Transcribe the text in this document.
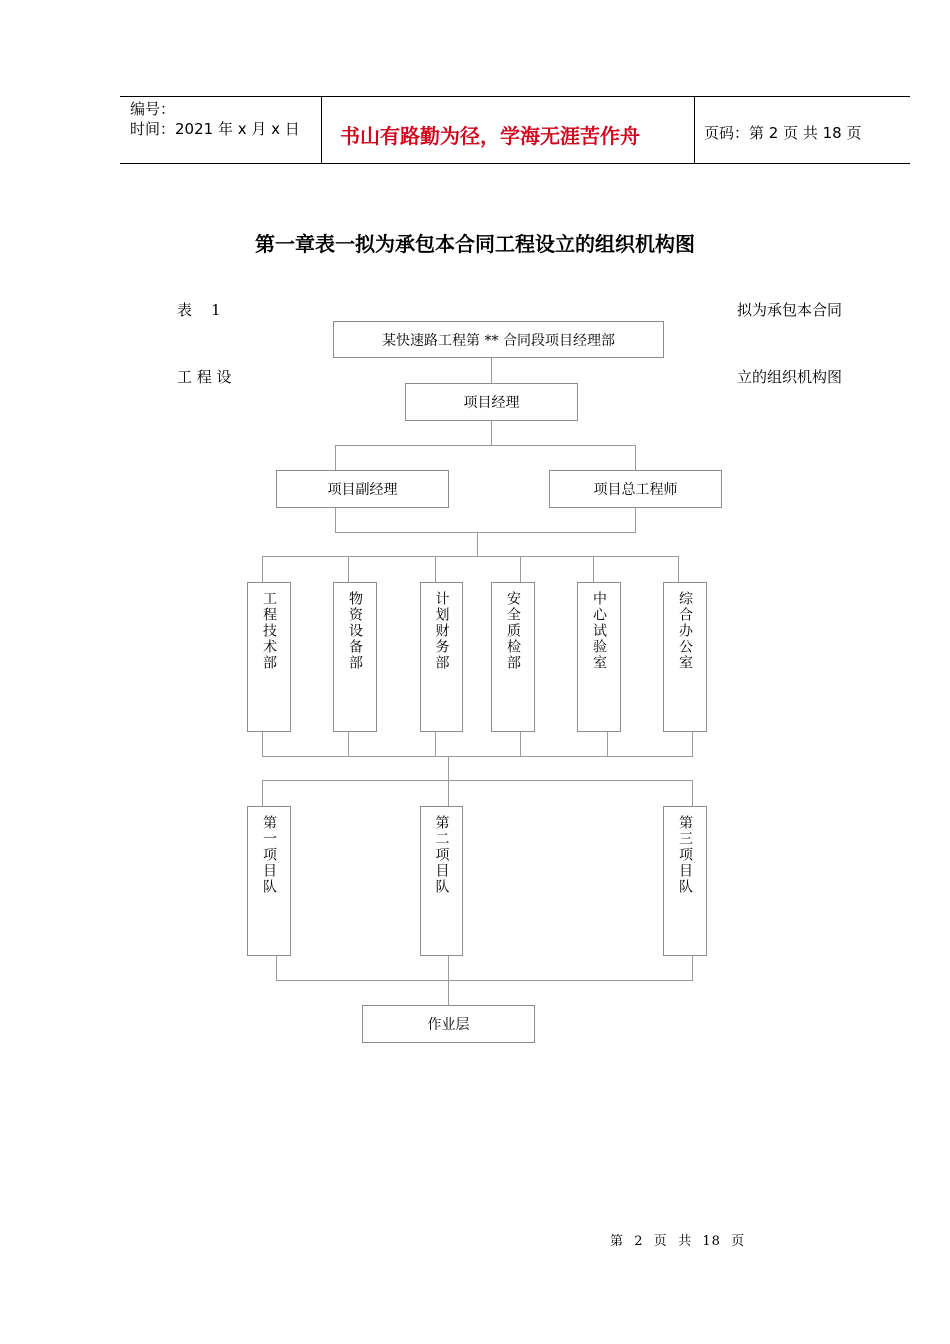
编号：
时间：2021 年 x 月 x 日 书山有路勤为径，学海无涯苦作舟	页码：第 2 页 共 18 页
第一章表一拟为承包本合同工程设立的组织机构图
表    1	拟为承包本合同
工 程 设	立的组织机构图
某快速路工程第 ** 合同段项目经理部
项目经理
项目副经理	项目总工程师
工程技术部	物资设备部	计划财务部	安全质检部	中心试验室	综合办公室
第一项目队	第二项目队	第三项目队
作业层
第  2  页  共  18  页
